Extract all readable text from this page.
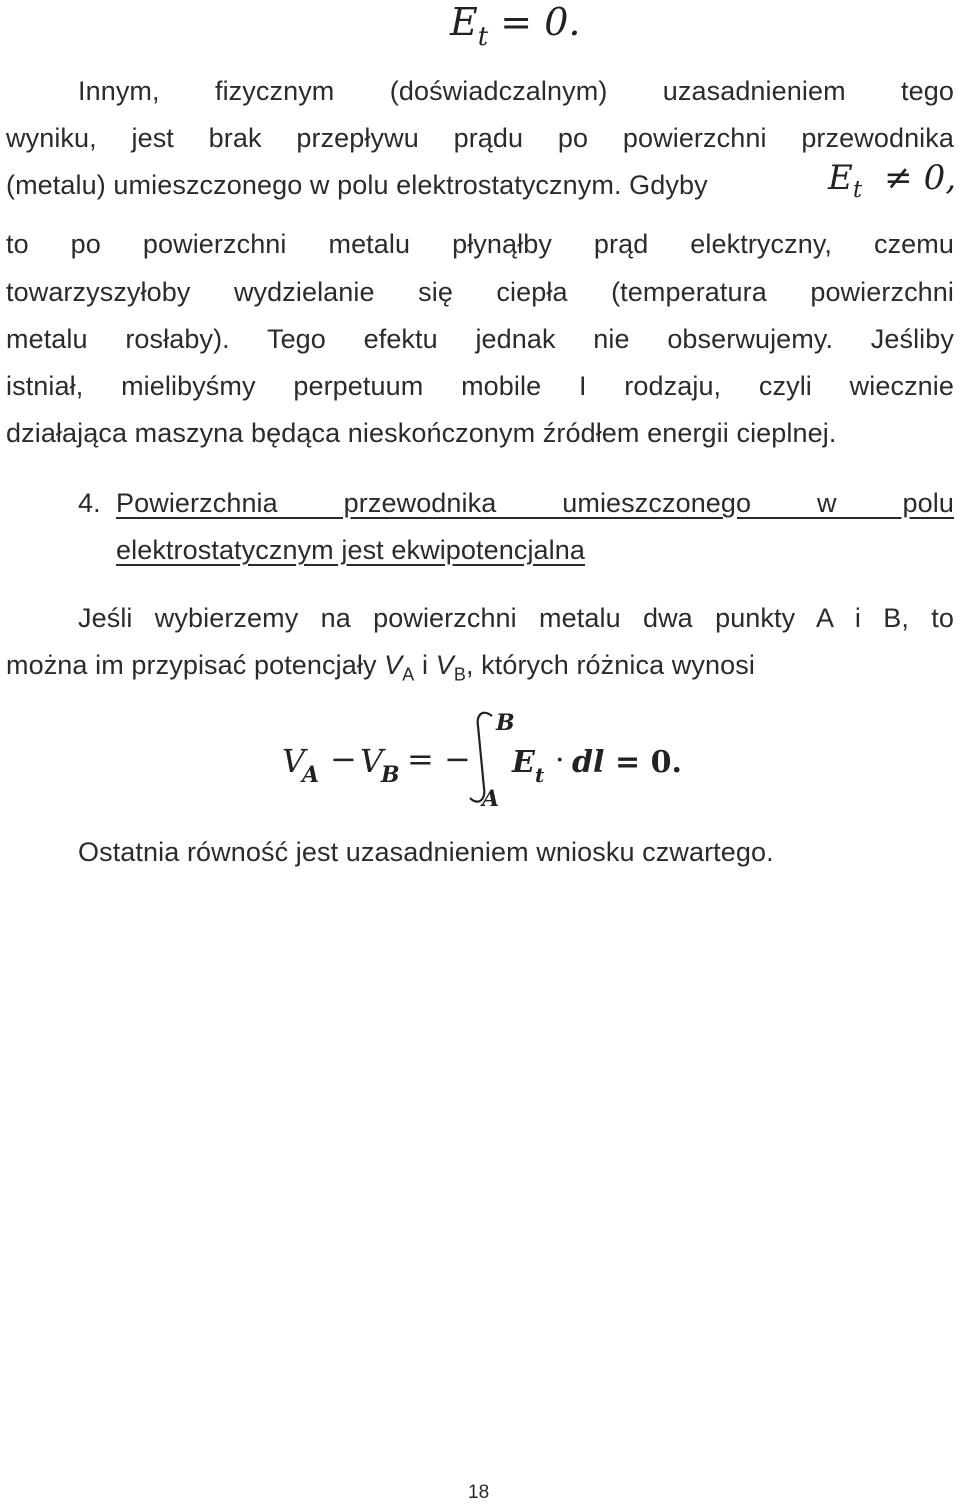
$E_t = 0$.
Innym, fizycznym (doświadczalnym) uzasadnieniem tego
wyniku, jest brak przepływu prądu po powierzchni przewodnika
(metalu) umieszczonego w polu elektrostatycznym. Gdyby	$E_t \ne 0$,
to po powierzchni metalu płynąłby prąd elektryczny, czemu
towarzyszyłoby wydzielanie się ciepła (temperatura powierzchni
metalu rosłaby). Tego efektu jednak nie obserwujemy. Jeśliby
istniał, mielibyśmy perpetuum mobile I rodzaju, czyli wiecznie
działająca maszyna będąca nieskończonym źródłem energii cieplnej.
4. Powierzchnia przewodnika umieszczonego w polu
elektrostatycznym jest ekwipotencjalna
Jeśli wybierzemy na powierzchni metalu dwa punkty A i B, to
można im przypisać potencjały $V_A$ i $V_B$, których różnica wynosi
V
A − V
B = −
B
A
E t · dl = 0.
Ostatnia równość jest uzasadnieniem wniosku czwartego.
18
